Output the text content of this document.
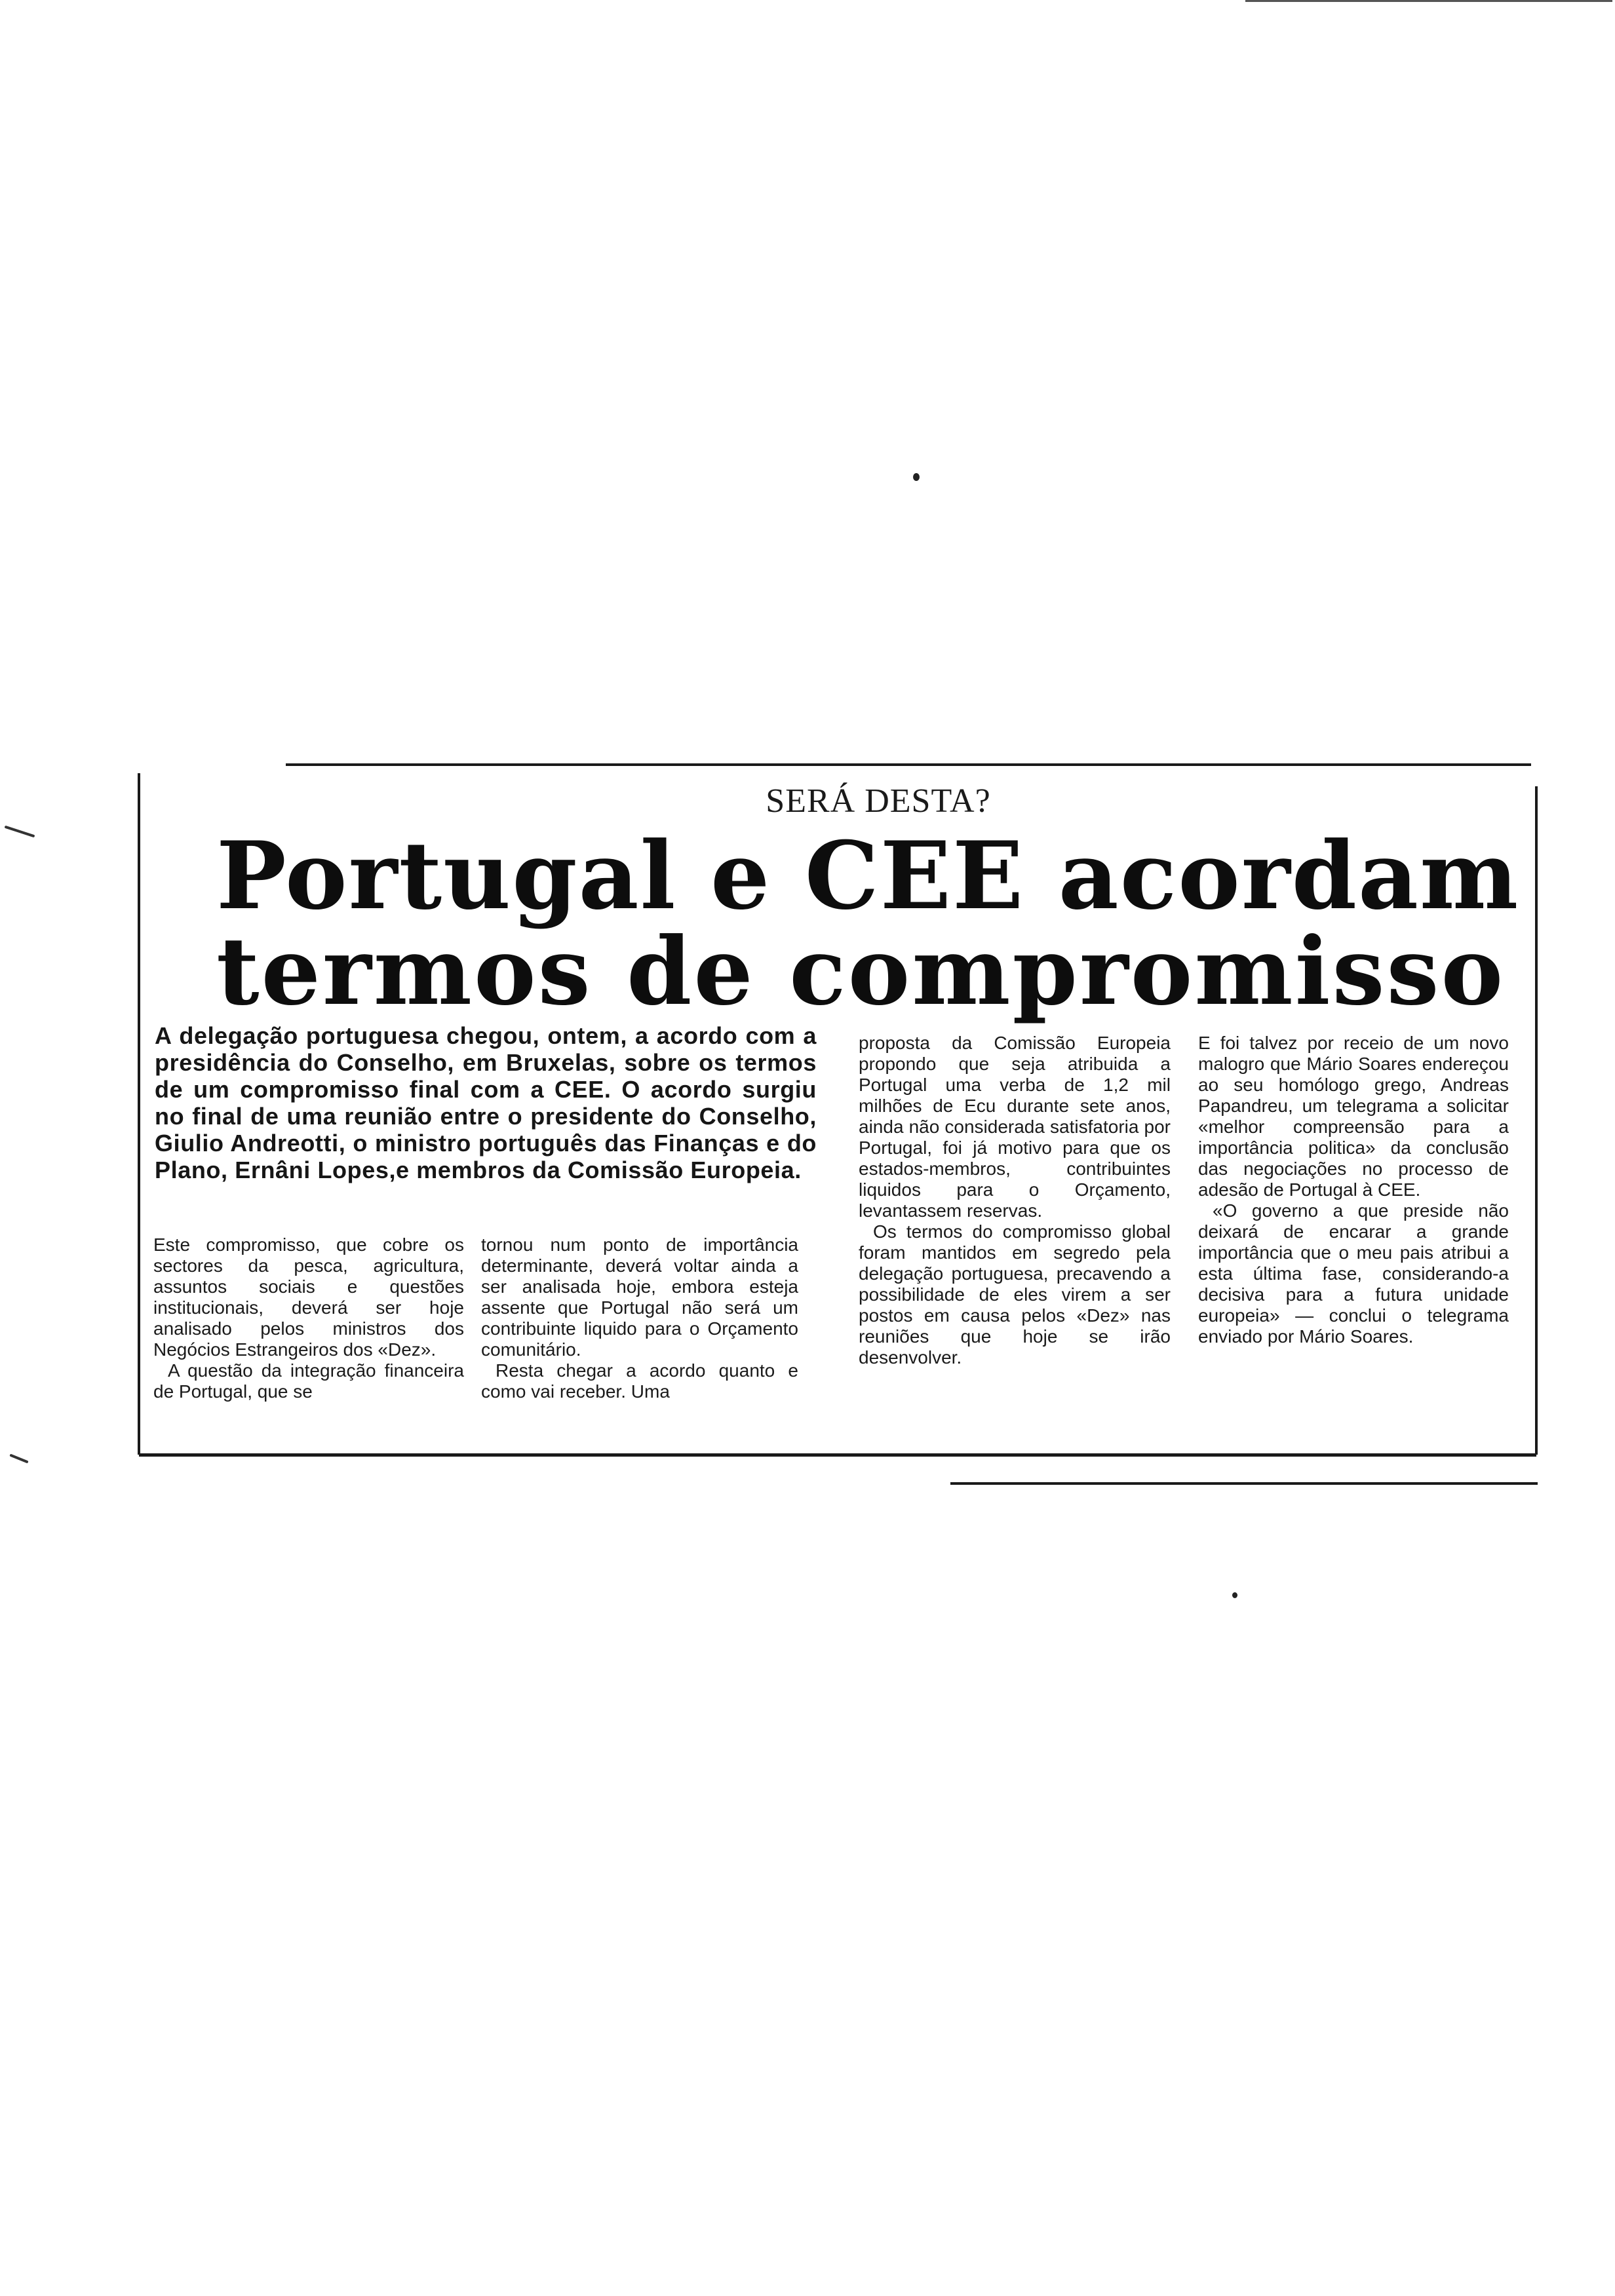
SERÁ DESTA?
Portugal e CEE acordam
termos de compromisso
A delegação portuguesa chegou, ontem, a acordo com a presidência do Conselho, em Bruxelas, sobre os termos de um compromisso final com a CEE. O acordo surgiu no final de uma reunião entre o presidente do Conselho, Giulio Andreotti, o ministro português das Finanças e do Plano, Ernâni Lopes,e membros da Comissão Europeia.

Este compromisso, que cobre os sectores da pesca, agricultura, assuntos sociais e questões institucionais, deverá ser hoje analisado pelos ministros dos Negócios Estrangeiros dos «Dez».

A questão da integração financeira de Portugal, que se

tornou num ponto de importância determinante, deverá voltar ainda a ser analisada hoje, embora esteja assente que Portugal não será um contribuinte liquido para o Orçamento comunitário.

Resta chegar a acordo quanto e como vai receber. Uma

proposta da Comissão Europeia propondo que seja atribuida a Portugal uma verba de 1,2 mil milhões de Ecu durante sete anos, ainda não considerada satisfatoria por Portugal, foi já motivo para que os estados-membros, contribuintes liquidos para o Orçamento, levantassem reservas.

Os termos do compromisso global foram mantidos em segredo pela delegação portuguesa, precavendo a possibilidade de eles virem a ser postos em causa pelos «Dez» nas reuniões que hoje se irão desenvolver.

E foi talvez por receio de um novo malogro que Mário Soares endereçou ao seu homólogo grego, Andreas Papandreu, um telegrama a solicitar «melhor compreensão para a importância politica» da conclusão das negociações no processo de adesão de Portugal à CEE.

«O governo a que preside não deixará de encarar a grande importância que o meu pais atribui a esta última fase, considerando-a decisiva para a futura unidade europeia» — conclui o telegrama enviado por Mário Soares.
